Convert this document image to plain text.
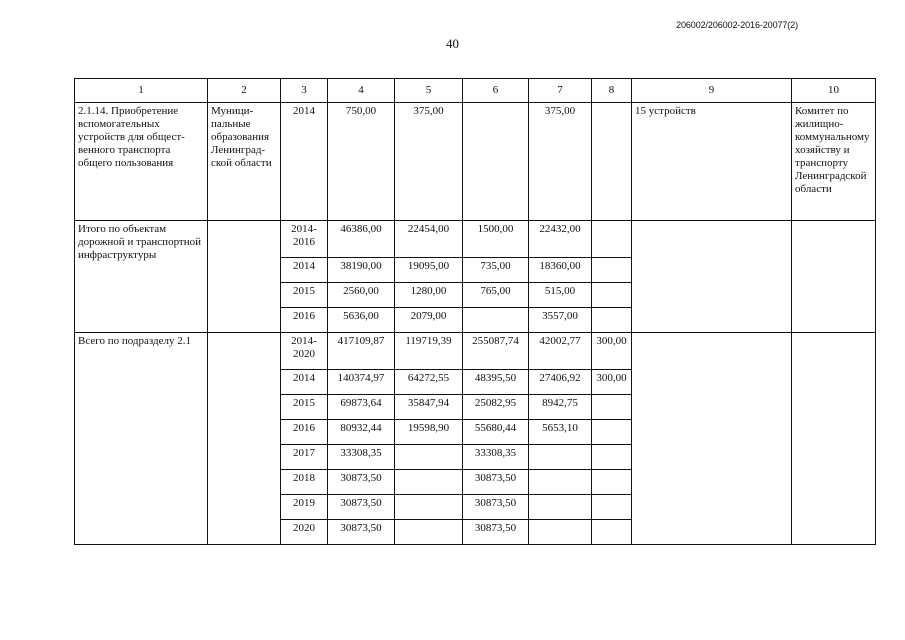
206002/206002-2016-20077(2)
40
1	2	3	4	5	6	7	8	9	10
2.1.14. Приобретение вспомогательных устройств для общественного транспорта общего пользования	Муниципальные образования Ленинградской области	2014	750,00	375,00		375,00		15 устройств	Комитет по жилищно-коммунальному хозяйству и транспорту Ленинградской области
Итого по объектам дорожной и транспортной инфраструктуры		2014-2016	46386,00	22454,00	1500,00	22432,00			
		2014	38190,00	19095,00	735,00	18360,00			
		2015	2560,00	1280,00	765,00	515,00			
		2016	5636,00	2079,00		3557,00			
Всего по подразделу 2.1		2014-2020	417109,87	119719,39	255087,74	42002,77	300,00		
		2014	140374,97	64272,55	48395,50	27406,92	300,00		
		2015	69873,64	35847,94	25082,95	8942,75			
		2016	80932,44	19598,90	55680,44	5653,10			
		2017	33308,35		33308,35				
		2018	30873,50		30873,50				
		2019	30873,50		30873,50				
		2020	30873,50		30873,50				
